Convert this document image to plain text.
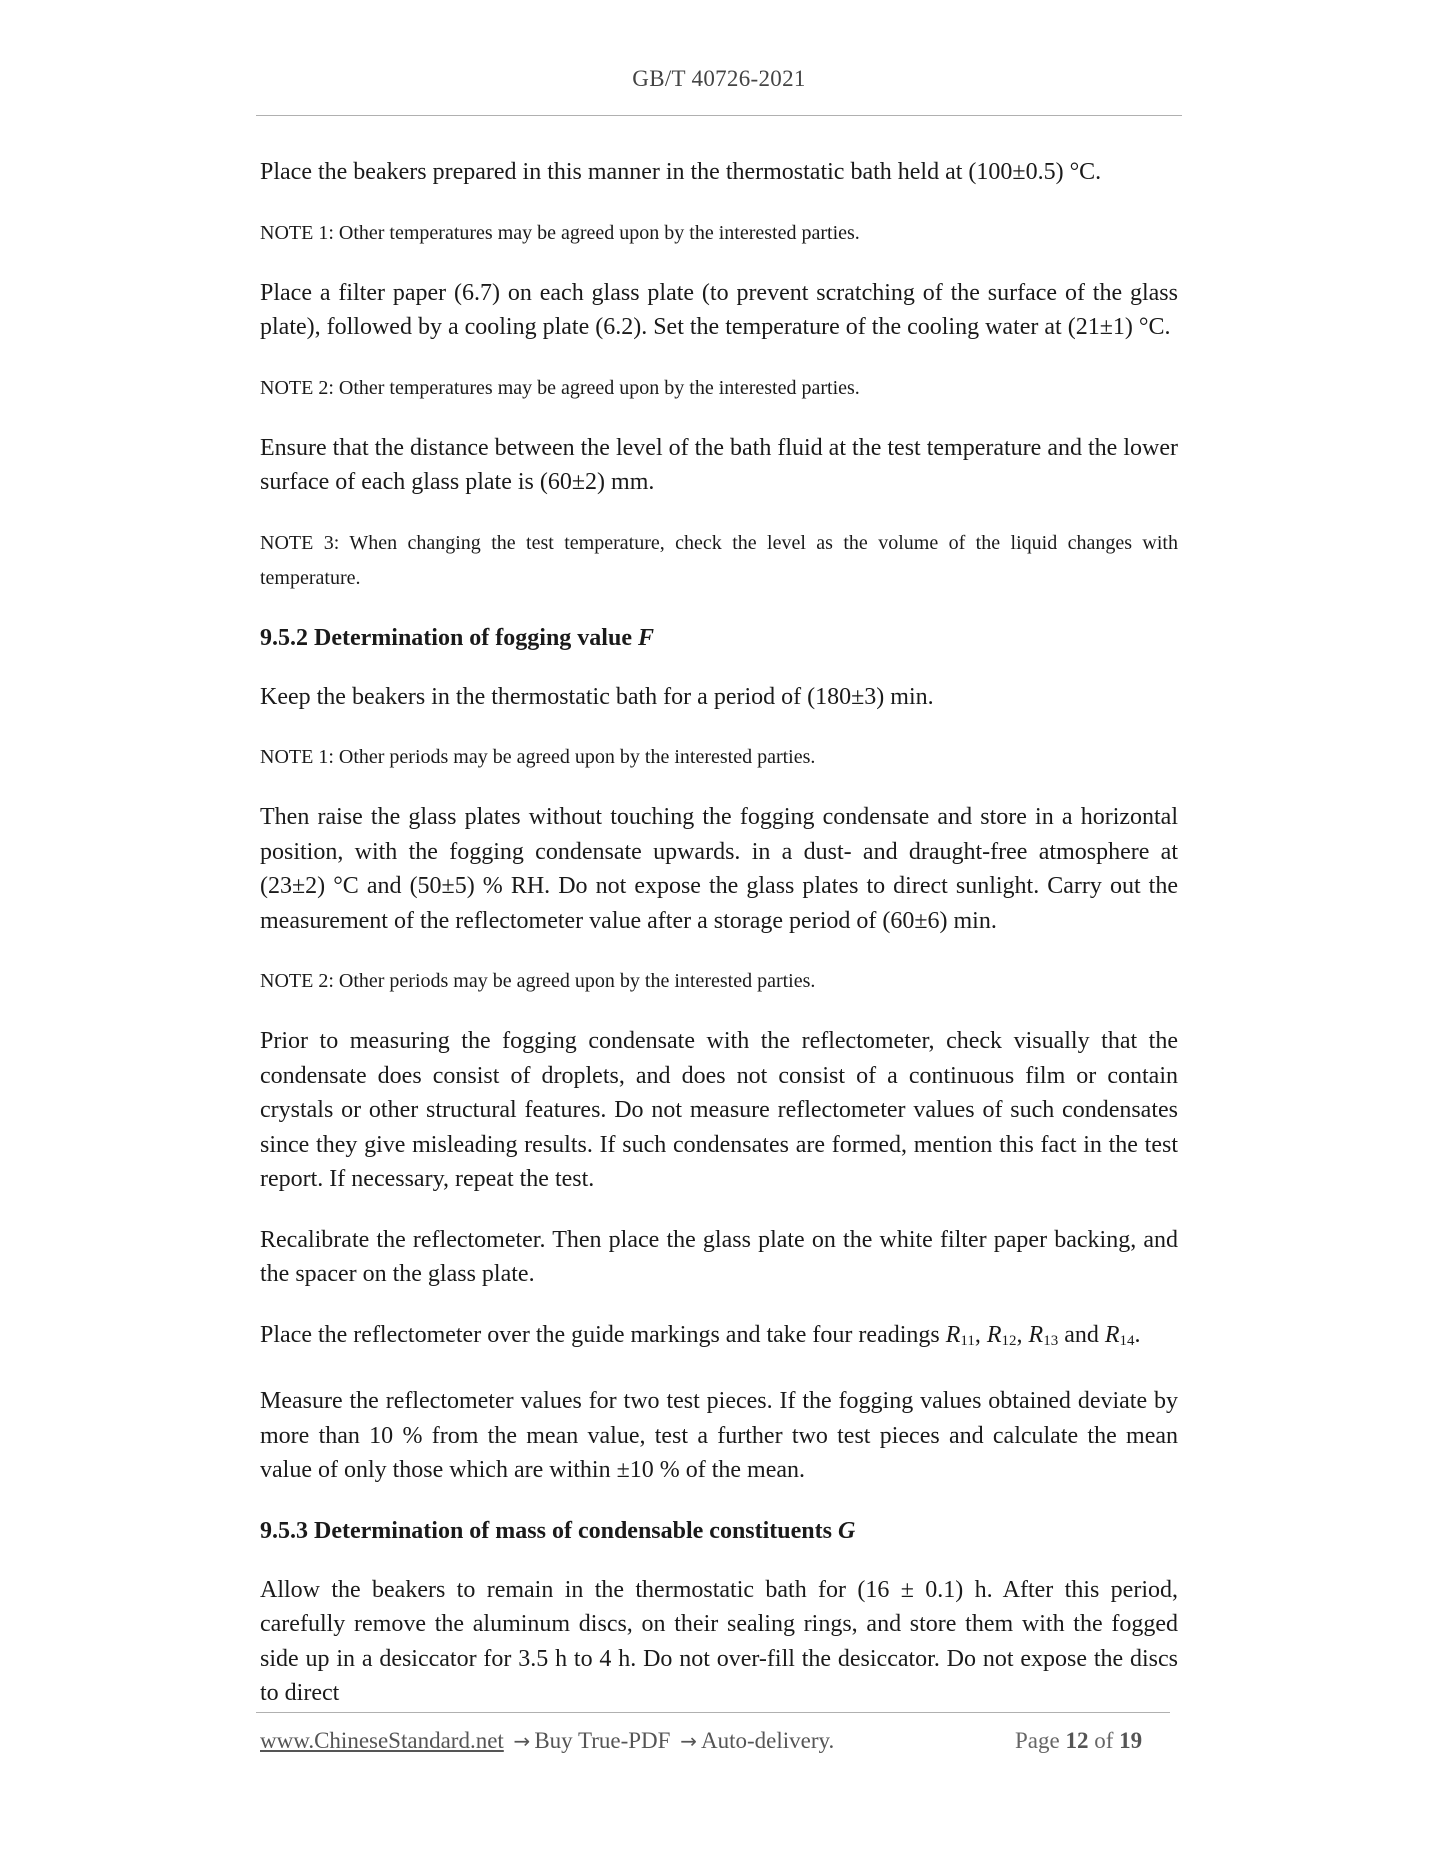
GB/T 40726-2021

Place the beakers prepared in this manner in the thermostatic bath held at (100±0.5) °C.

NOTE 1: Other temperatures may be agreed upon by the interested parties.

Place a filter paper (6.7) on each glass plate (to prevent scratching of the surface of the glass plate), followed by a cooling plate (6.2). Set the temperature of the cooling water at (21±1) °C.

NOTE 2: Other temperatures may be agreed upon by the interested parties.

Ensure that the distance between the level of the bath fluid at the test temperature and the lower surface of each glass plate is (60±2) mm.

NOTE 3: When changing the test temperature, check the level as the volume of the liquid changes with temperature.

9.5.2 Determination of fogging value F

Keep the beakers in the thermostatic bath for a period of (180±3) min.

NOTE 1: Other periods may be agreed upon by the interested parties.

Then raise the glass plates without touching the fogging condensate and store in a horizontal position, with the fogging condensate upwards. in a dust- and draught-free atmosphere at (23±2) °C and (50±5) % RH. Do not expose the glass plates to direct sunlight. Carry out the measurement of the reflectometer value after a storage period of (60±6) min.

NOTE 2: Other periods may be agreed upon by the interested parties.

Prior to measuring the fogging condensate with the reflectometer, check visually that the condensate does consist of droplets, and does not consist of a continuous film or contain crystals or other structural features. Do not measure reflectometer values of such condensates since they give misleading results. If such condensates are formed, mention this fact in the test report. If necessary, repeat the test.

Recalibrate the reflectometer. Then place the glass plate on the white filter paper backing, and the spacer on the glass plate.

Place the reflectometer over the guide markings and take four readings $R_{11}$, $R_{12}$, $R_{13}$ and $R_{14}$.

Measure the reflectometer values for two test pieces. If the fogging values obtained deviate by more than 10 % from the mean value, test a further two test pieces and calculate the mean value of only those which are within ±10 % of the mean.

9.5.3 Determination of mass of condensable constituents G

Allow the beakers to remain in the thermostatic bath for (16 ± 0.1) h. After this period, carefully remove the aluminum discs, on their sealing rings, and store them with the fogged side up in a desiccator for 3.5 h to 4 h. Do not over-fill the desiccator. Do not expose the discs to direct

www.ChineseStandard.net → Buy True-PDF → Auto-delivery.	Page 12 of 19
